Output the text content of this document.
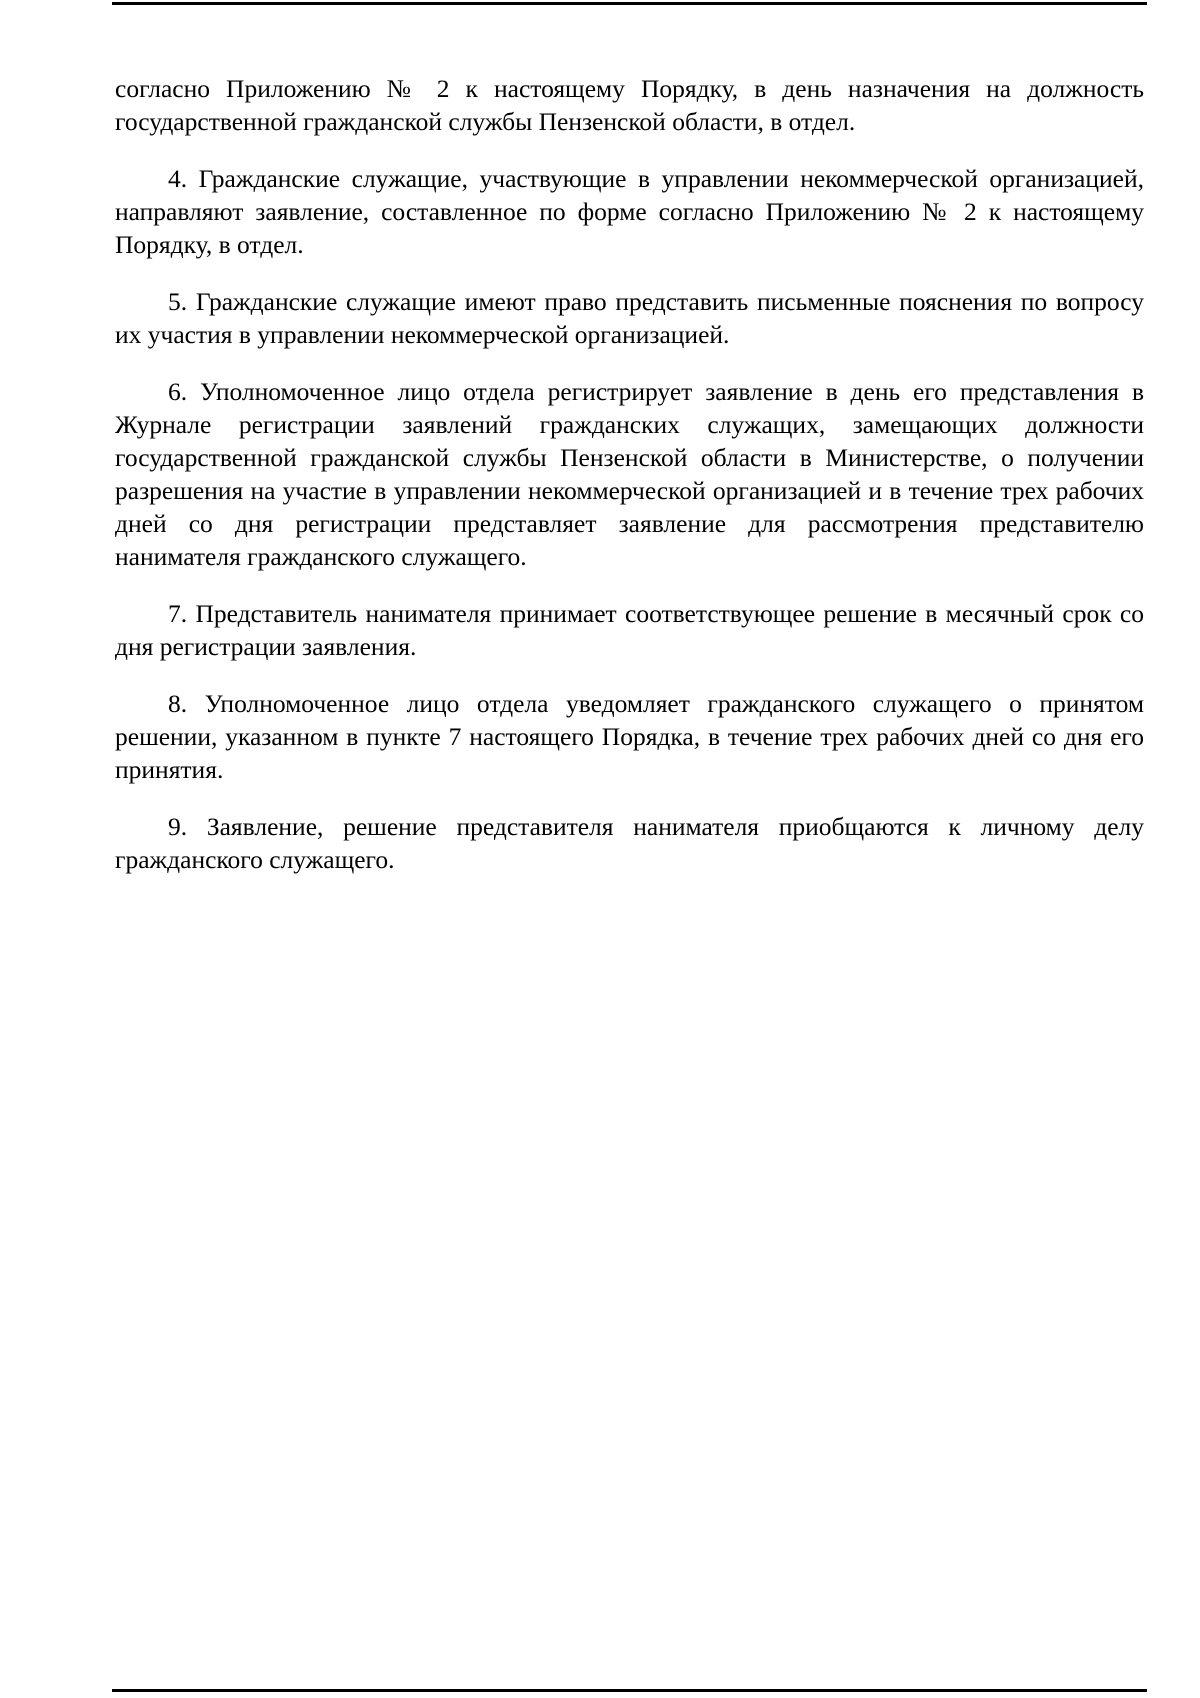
согласно Приложению № 2 к настоящему Порядку, в день назначения на должность государственной гражданской службы Пензенской области, в отдел.

4. Гражданские служащие, участвующие в управлении некоммерческой организацией, направляют заявление, составленное по форме согласно Приложению № 2 к настоящему Порядку, в отдел.

5. Гражданские служащие имеют право представить письменные пояснения по вопросу их участия в управлении некоммерческой организацией.

6. Уполномоченное лицо отдела регистрирует заявление в день его представления в Журнале регистрации заявлений гражданских служащих, замещающих должности государственной гражданской службы Пензенской области в Министерстве, о получении разрешения на участие в управлении некоммерческой организацией и в течение трех рабочих дней со дня регистрации представляет заявление для рассмотрения представителю нанимателя гражданского служащего.

7. Представитель нанимателя принимает соответствующее решение в месячный срок со дня регистрации заявления.

8. Уполномоченное лицо отдела уведомляет гражданского служащего о принятом решении, указанном в пункте 7 настоящего Порядка, в течение трех рабочих дней со дня его принятия.

9. Заявление, решение представителя нанимателя приобщаются к личному делу гражданского служащего.
